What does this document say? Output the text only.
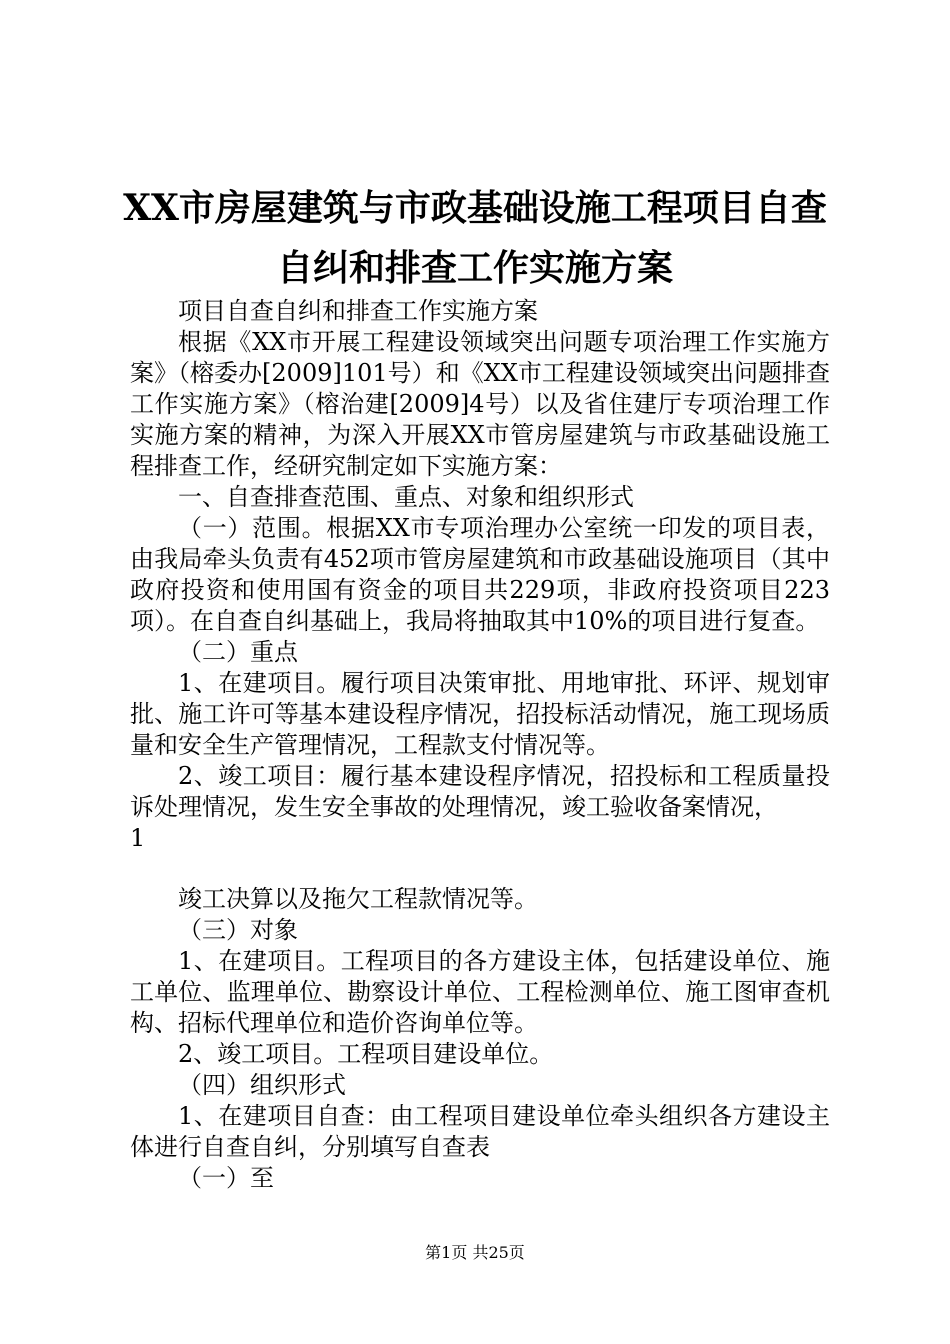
XX市房屋建筑与市政基础设施工程项目自查
自纠和排查工作实施方案

项目自查自纠和排查工作实施方案

根据《XX市开展工程建设领域突出问题专项治理工作实施方案》（榕委办[2009]101号）和《XX市工程建设领域突出问题排查工作实施方案》（榕治建[2009]4号）以及省住建厅专项治理工作实施方案的精神，为深入开展XX市管房屋建筑与市政基础设施工程排查工作，经研究制定如下实施方案：

一、自查排查范围、重点、对象和组织形式

（一）范围。根据XX市专项治理办公室统一印发的项目表，由我局牵头负责有452项市管房屋建筑和市政基础设施项目（其中政府投资和使用国有资金的项目共229项，非政府投资项目223项）。在自查自纠基础上，我局将抽取其中10%的项目进行复查。

（二）重点

1、在建项目。履行项目决策审批、用地审批、环评、规划审批、施工许可等基本建设程序情况，招投标活动情况，施工现场质量和安全生产管理情况，工程款支付情况等。

2、竣工项目：履行基本建设程序情况，招投标和工程质量投诉处理情况，发生安全事故的处理情况，竣工验收备案情况，

1

竣工决算以及拖欠工程款情况等。

（三）对象

1、在建项目。工程项目的各方建设主体，包括建设单位、施工单位、监理单位、勘察设计单位、工程检测单位、施工图审查机构、招标代理单位和造价咨询单位等。

2、竣工项目。工程项目建设单位。

（四）组织形式

1、在建项目自查：由工程项目建设单位牵头组织各方建设主体进行自查自纠，分别填写自查表

（一）至

第1页 共25页
